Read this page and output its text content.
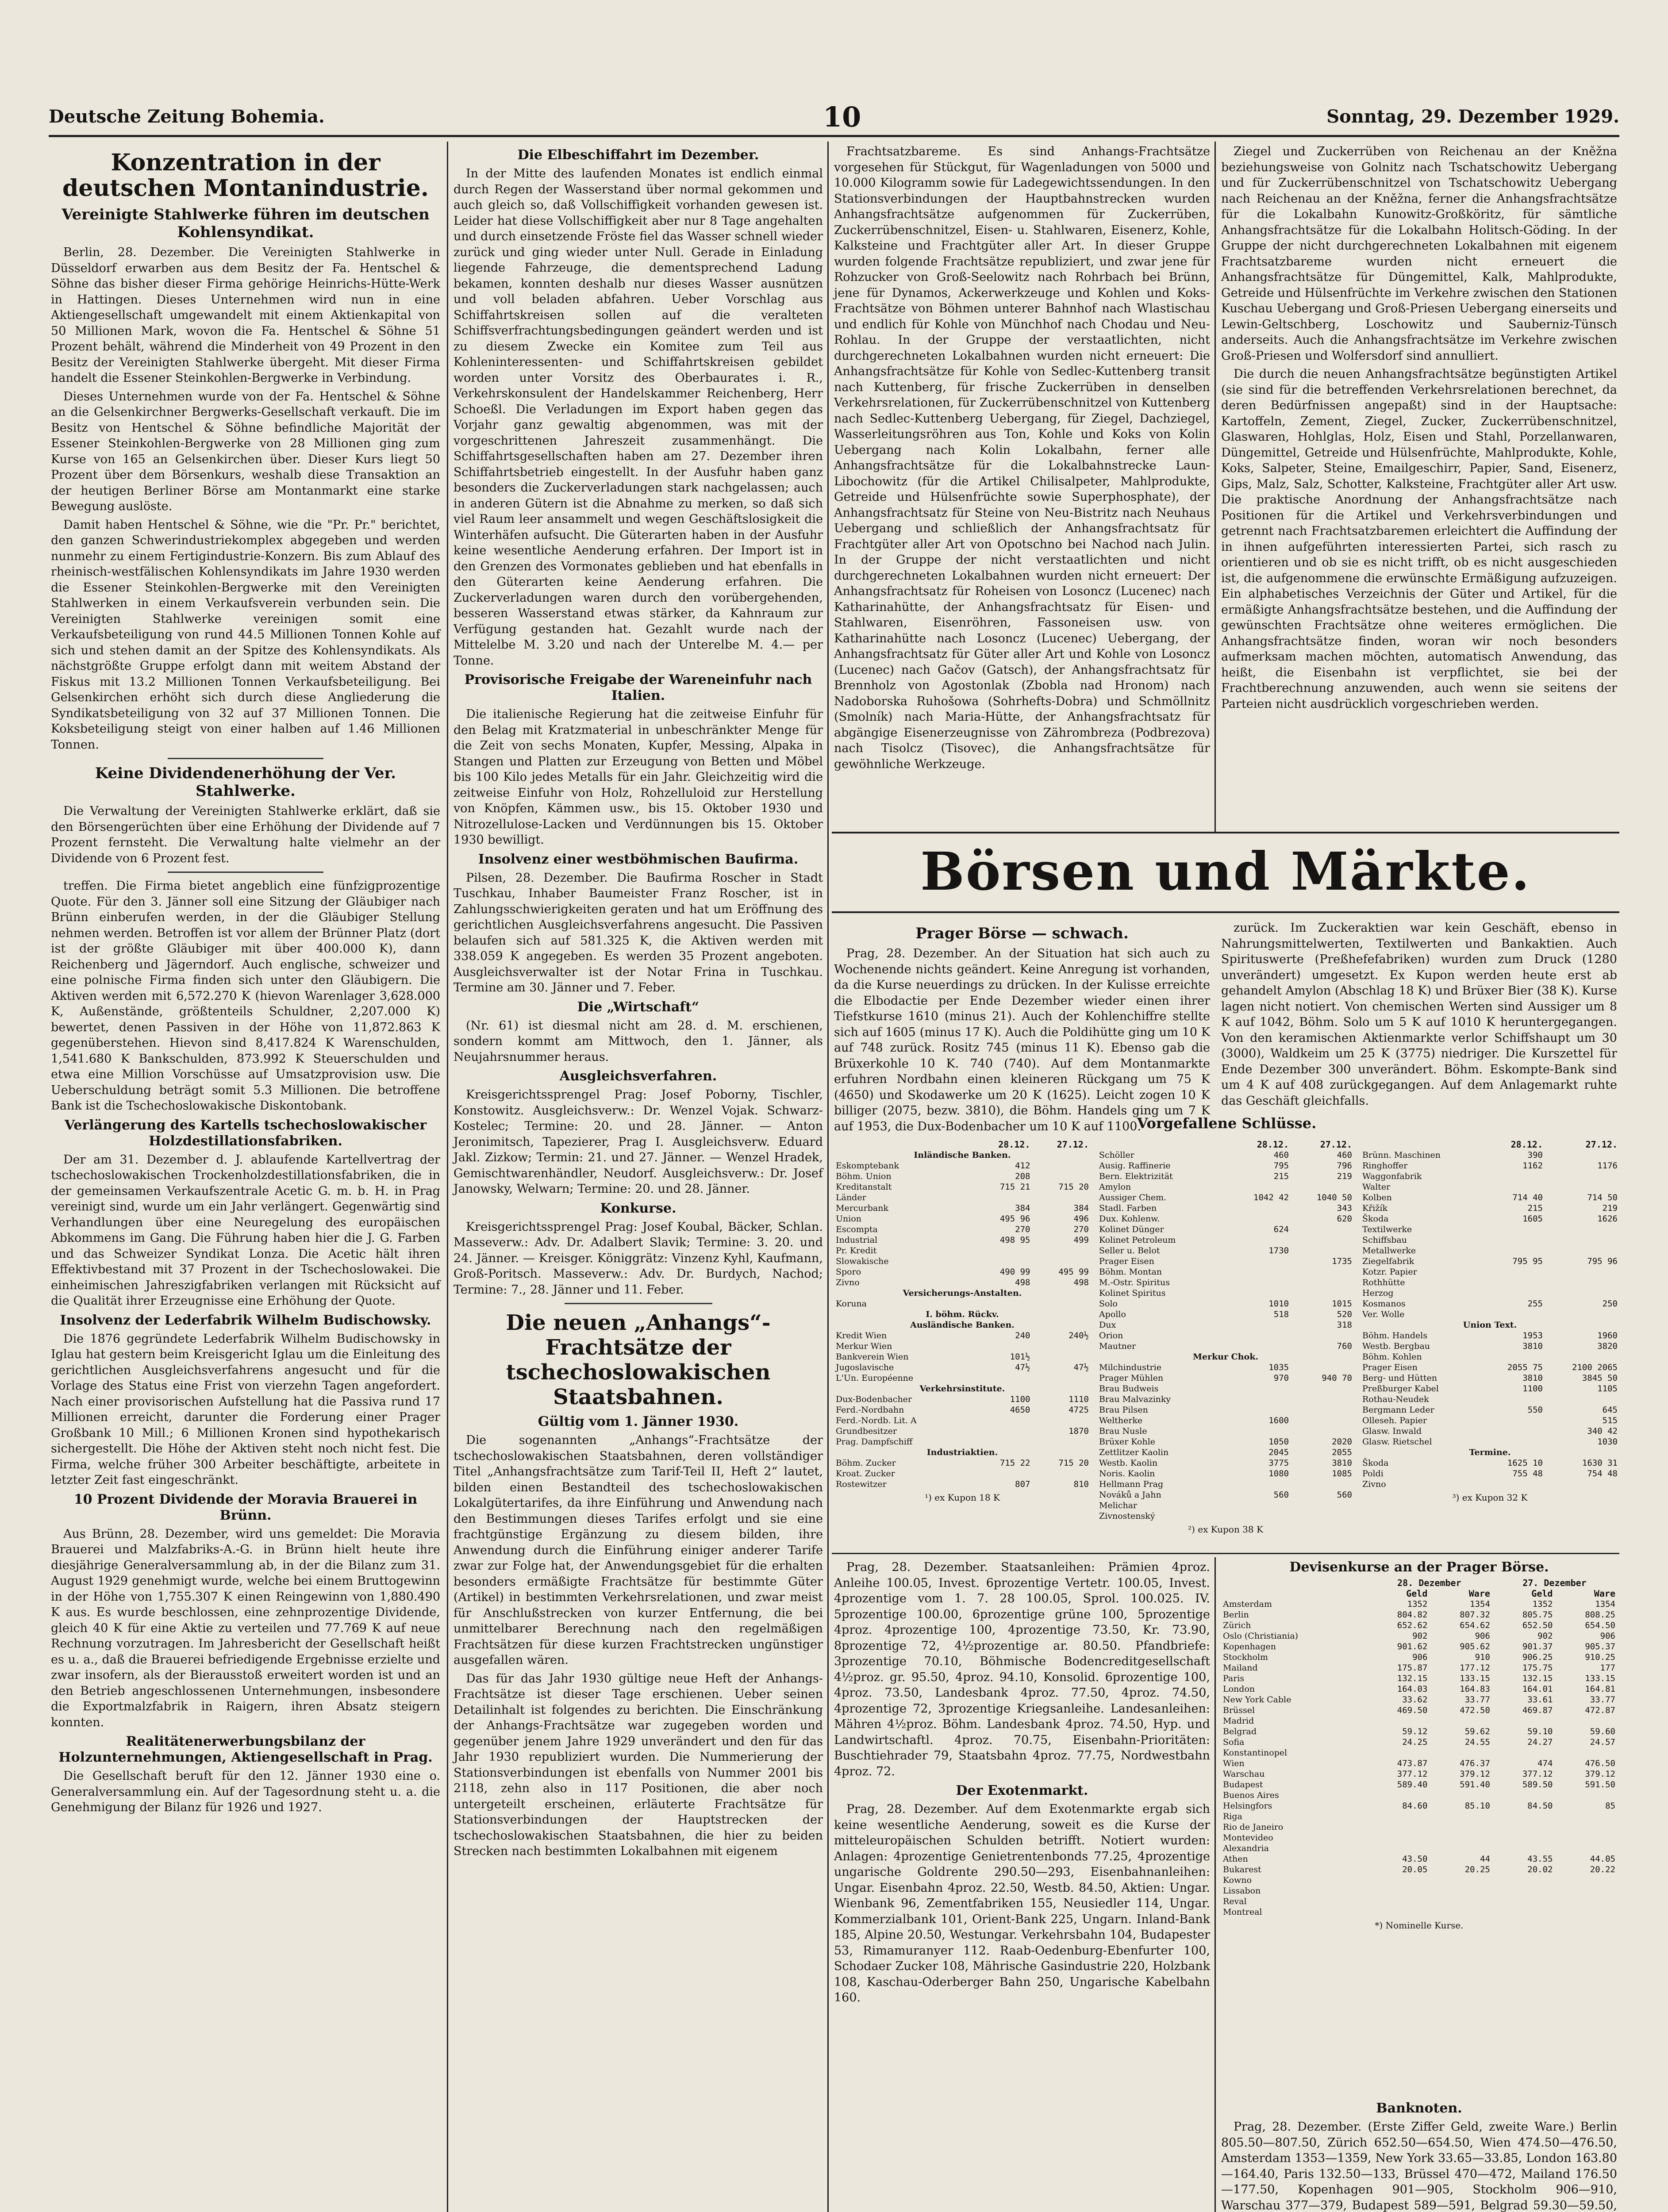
Deutsche Zeitung Bohemia.	10	Sonntag, 29. Dezember 1929.
Konzentration in der deutschen Montanindustrie.
Vereinigte Stahlwerke führen im deutschen Kohlensyndikat.

Berlin, 28. Dezember. Die Vereinigten Stahlwerke in Düsseldorf erwarben aus dem Besitz der Fa. Hentschel & Söhne das bisher dieser Firma gehörige Heinrichs-Hütte-Werk in Hattingen. Dieses Unternehmen wird nun in eine Aktiengesellschaft umgewandelt mit einem Aktienkapital von 50 Millionen Mark, wovon die Fa. Hentschel & Söhne 51 Prozent behält, während die Minderheit von 49 Prozent in den Besitz der Vereinigten Stahlwerke übergeht. Mit dieser Firma handelt die Essener Steinkohlen-Bergwerke in Verbindung.

Dieses Unternehmen wurde von der Fa. Hentschel & Söhne an die Gelsenkirchner Bergwerks-Gesellschaft verkauft. Die im Besitz von Hentschel & Söhne befindliche Majorität der Essener Steinkohlen-Bergwerke von 28 Millionen ging zum Kurse von 165 an Gelsenkirchen über. Dieser Kurs liegt 50 Prozent über dem Börsenkurs, weshalb diese Transaktion an der heutigen Berliner Börse am Montanmarkt eine starke Bewegung auslöste.

Damit haben Hentschel & Söhne, wie die "Pr. Pr." berichtet, den ganzen Schwerindustriekomplex abgegeben und werden nunmehr zu einem Fertigindustrie-Konzern. Bis zum Ablauf des rheinisch-westfälischen Kohlensyndikats im Jahre 1930 werden die Essener Steinkohlen-Bergwerke mit den Vereinigten Stahlwerken in einem Verkaufsverein verbunden sein. Die Vereinigten Stahlwerke vereinigen somit eine Verkaufsbeteiligung von rund 44.5 Millionen Tonnen Kohle auf sich und stehen damit an der Spitze des Kohlensyndikats. Als nächstgrößte Gruppe erfolgt dann mit weitem Abstand der Fiskus mit 13.2 Millionen Tonnen Verkaufsbeteiligung. Bei Gelsenkirchen erhöht sich durch diese Angliederung die Syndikatsbeteiligung von 32 auf 37 Millionen Tonnen. Die Koksbeteiligung steigt von einer halben auf 1.46 Millionen Tonnen.

Keine Dividendenerhöhung der Ver. Stahlwerke.

Die Verwaltung der Vereinigten Stahlwerke erklärt, daß sie den Börsengerüchten über eine Erhöhung der Dividende auf 7 Prozent fernsteht. Die Verwaltung halte vielmehr an der Dividende von 6 Prozent fest.

treffen. Die Firma bietet angeblich eine fünfzigprozentige Quote. Für den 3. Jänner soll eine Sitzung der Gläubiger nach Brünn einberufen werden, in der die Gläubiger Stellung nehmen werden. Betroffen ist vor allem der Brünner Platz (dort ist der größte Gläubiger mit über 400.000 K), dann Reichenberg und Jägerndorf. Auch englische, schweizer und eine polnische Firma finden sich unter den Gläubigern. Die Aktiven werden mit 6,572.270 K (hievon Warenlager 3,628.000 K, Außenstände, größtenteils Schuldner, 2,207.000 K) bewertet, denen Passiven in der Höhe von 11,872.863 K gegenüberstehen. Hievon sind 8,417.824 K Warenschulden, 1,541.680 K Bankschulden, 873.992 K Steuerschulden und etwa eine Million Vorschüsse auf Umsatzprovision usw. Die Ueberschuldung beträgt somit 5.3 Millionen. Die betroffene Bank ist die Tschechoslowakische Diskontobank.

Verlängerung des Kartells tschechoslowakischer Holzdestillationsfabriken.

Der am 31. Dezember d. J. ablaufende Kartellvertrag der tschechoslowakischen Trockenholzdestillationsfabriken, die in der gemeinsamen Verkaufszentrale Acetic G. m. b. H. in Prag vereinigt sind, wurde um ein Jahr verlängert. Gegenwärtig sind Verhandlungen über eine Neuregelung des europäischen Abkommens im Gang. Die Führung haben hier die J. G. Farben und das Schweizer Syndikat Lonza. Die Acetic hält ihren Effektivbestand mit 37 Prozent in der Tschechoslowakei. Die einheimischen Jahreszigfabriken verlangen mit Rücksicht auf die Qualität ihrer Erzeugnisse eine Erhöhung der Quote.

Insolvenz der Lederfabrik Wilhelm Budischowsky.

Die 1876 gegründete Lederfabrik Wilhelm Budischowsky in Iglau hat gestern beim Kreisgericht Iglau um die Einleitung des gerichtlichen Ausgleichsverfahrens angesucht und für die Vorlage des Status eine Frist von vierzehn Tagen angefordert. Nach einer provisorischen Aufstellung hat die Passiva rund 17 Millionen erreicht, darunter die Forderung einer Prager Großbank 10 Mill.; 6 Millionen Kronen sind hypothekarisch sichergestellt. Die Höhe der Aktiven steht noch nicht fest. Die Firma, welche früher 300 Arbeiter beschäftigte, arbeitete in letzter Zeit fast eingeschränkt.

10 Prozent Dividende der Moravia Brauerei in Brünn.

Aus Brünn, 28. Dezember, wird uns gemeldet: Die Moravia Brauerei und Malzfabriks-A.-G. in Brünn hielt heute ihre diesjährige Generalversammlung ab, in der die Bilanz zum 31. August 1929 genehmigt wurde, welche bei einem Bruttogewinn in der Höhe von 1,755.307 K einen Reingewinn von 1,880.490 K aus. Es wurde beschlossen, eine zehnprozentige Dividende, gleich 40 K für eine Aktie zu verteilen und 77.769 K auf neue Rechnung vorzutragen. Im Jahresbericht der Gesellschaft heißt es u. a., daß die Brauerei befriedigende Ergebnisse erzielte und zwar insofern, als der Bierausstoß erweitert worden ist und an den Betrieb angeschlossenen Unternehmungen, insbesondere die Exportmalzfabrik in Raigern, ihren Absatz steigern konnten.

Realitätenerwerbungsbilanz der Holzunternehmungen, Aktiengesellschaft in Prag.

Die Gesellschaft beruft für den 12. Jänner 1930 eine o. Generalversammlung ein. Auf der Tagesordnung steht u. a. die Genehmigung der Bilanz für 1926 und 1927.

Die Elbeschiffahrt im Dezember.

In der Mitte des laufenden Monates ist endlich einmal durch Regen der Wasserstand über normal gekommen und auch gleich so, daß Vollschiffigkeit vorhanden gewesen ist. Leider hat diese Vollschiffigkeit aber nur 8 Tage angehalten und durch einsetzende Fröste fiel das Wasser schnell wieder zurück und ging wieder unter Null. Gerade in Einladung liegende Fahrzeuge, die dementsprechend Ladung bekamen, konnten deshalb nur dieses Wasser ausnützen und voll beladen abfahren. Ueber Vorschlag aus Schiffahrtskreisen sollen auf die veralteten Schiffsverfrachtungsbedingungen geändert werden und ist zu diesem Zwecke ein Komitee zum Teil aus Kohleninteressenten- und Schiffahrtskreisen gebildet worden unter Vorsitz des Oberbaurates i. R., Verkehrskonsulent der Handelskammer Reichenberg, Herr Schoeßl. Die Verladungen im Export haben gegen das Vorjahr ganz gewaltig abgenommen, was mit der vorgeschrittenen Jahreszeit zusammenhängt. Die Schiffahrtsgesellschaften haben am 27. Dezember ihren Schiffahrtsbetrieb eingestellt. In der Ausfuhr haben ganz besonders die Zuckerverladungen stark nachgelassen; auch in anderen Gütern ist die Abnahme zu merken, so daß sich viel Raum leer ansammelt und wegen Geschäftslosigkeit die Winterhäfen aufsucht. Die Güterarten haben in der Ausfuhr keine wesentliche Aenderung erfahren. Der Import ist in den Grenzen des Vormonates geblieben und hat ebenfalls in den Güterarten keine Aenderung erfahren. Die Zuckerverladungen waren durch den vorübergehenden, besseren Wasserstand etwas stärker, da Kahnraum zur Verfügung gestanden hat. Gezahlt wurde nach der Mittelelbe M. 3.20 und nach der Unterelbe M. 4.— per Tonne.

Provisorische Freigabe der Wareneinfuhr nach Italien.

Die italienische Regierung hat die zeitweise Einfuhr für den Belag mit Kratzmaterial in unbeschränkter Menge für die Zeit von sechs Monaten, Kupfer, Messing, Alpaka in Stangen und Platten zur Erzeugung von Betten und Möbel bis 100 Kilo jedes Metalls für ein Jahr. Gleichzeitig wird die zeitweise Einfuhr von Holz, Rohzelluloid zur Herstellung von Knöpfen, Kämmen usw., bis 15. Oktober 1930 und Nitrozellulose-Lacken und Verdünnungen bis 15. Oktober 1930 bewilligt.

Insolvenz einer westböhmischen Baufirma.

Pilsen, 28. Dezember. Die Baufirma Roscher in Stadt Tuschkau, Inhaber Baumeister Franz Roscher, ist in Zahlungsschwierigkeiten geraten und hat um Eröffnung des gerichtlichen Ausgleichsverfahrens angesucht. Die Passiven belaufen sich auf 581.325 K, die Aktiven werden mit 338.059 K angegeben. Es werden 35 Prozent angeboten. Ausgleichsverwalter ist der Notar Frina in Tuschkau. Termine am 30. Jänner und 7. Feber.

Die „Wirtschaft“

(Nr. 61) ist diesmal nicht am 28. d. M. erschienen, sondern kommt am Mittwoch, den 1. Jänner, als Neujahrsnummer heraus.

Ausgleichsverfahren.

Kreisgerichtssprengel Prag: Josef Poborny, Tischler, Konstowitz. Ausgleichsverw.: Dr. Wenzel Vojak. Schwarz-Kostelec; Termine: 20. und 28. Jänner. — Anton Jeronimitsch, Tapezierer, Prag I. Ausgleichsverw. Eduard Jakl. Zizkow; Termin: 21. und 27. Jänner. — Wenzel Hradek, Gemischtwarenhändler, Neudorf. Ausgleichsverw.: Dr. Josef Janowsky, Welwarn; Termine: 20. und 28. Jänner.

Konkurse.

Kreisgerichtssprengel Prag: Josef Koubal, Bäcker, Schlan. Masseverw.: Adv. Dr. Adalbert Slavik; Termine: 3. 20. und 24. Jänner. — Kreisger. Königgrätz: Vinzenz Kyhl, Kaufmann, Groß-Poritsch. Masseverw.: Adv. Dr. Burdych, Nachod; Termine: 7., 28. Jänner und 11. Feber.

Die neuen „Anhangs“-Frachtsätze der tschechoslowakischen Staatsbahnen.
Gültig vom 1. Jänner 1930.

Die sogenannten „Anhangs“-Frachtsätze der tschechoslowakischen Staatsbahnen, deren vollständiger Titel „Anhangsfrachtsätze zum Tarif-Teil II, Heft 2“ lautet, bilden einen Bestandteil des tschechoslowakischen Lokalgütertarifes, da ihre Einführung und Anwendung nach den Bestimmungen dieses Tarifes erfolgt und sie eine frachtgünstige Ergänzung zu diesem bilden, ihre Anwendung durch die Einführung einiger anderer Tarife zwar zur Folge hat, der Anwendungsgebiet für die erhalten besonders ermäßigte Frachtsätze für bestimmte Güter (Artikel) in bestimmten Verkehrsrelationen, und zwar meist für Anschlußstrecken von kurzer Entfernung, die bei unmittelbarer Berechnung nach den regelmäßigen Frachtsätzen für diese kurzen Frachtstrecken ungünstiger ausgefallen wären.

Das für das Jahr 1930 gültige neue Heft der Anhangs-Frachtsätze ist dieser Tage erschienen. Ueber seinen Detailinhalt ist folgendes zu berichten. Die Einschränkung der Anhangs-Frachtsätze war zugegeben worden und gegenüber jenem Jahre 1929 unverändert und den für das Jahr 1930 republiziert wurden. Die Nummerierung der Stationsverbindungen ist ebenfalls von Nummer 2001 bis 2118, zehn also in 117 Positionen, die aber noch untergeteilt erscheinen, erläuterte Frachtsätze für Stationsverbindungen der Hauptstrecken der tschechoslowakischen Staatsbahnen, die hier zu beiden Strecken nach bestimmten Lokalbahnen mit eigenem

Frachtsatzbareme. Es sind Anhangs-Frachtsätze vorgesehen für Stückgut, für Wagenladungen von 5000 und 10.000 Kilogramm sowie für Ladegewichtssendungen. In den Stationsverbindungen der Hauptbahnstrecken wurden Anhangsfrachtsätze aufgenommen für Zuckerrüben, Zuckerrübenschnitzel, Eisen- u. Stahlwaren, Eisenerz, Kohle, Kalksteine und Frachtgüter aller Art. In dieser Gruppe wurden folgende Frachtsätze republiziert, und zwar jene für Rohzucker von Groß-Seelowitz nach Rohrbach bei Brünn, jene für Dynamos, Ackerwerkzeuge und Kohlen und Koks-Frachtsätze von Böhmen unterer Bahnhof nach Wlastischau und endlich für Kohle von Münchhof nach Chodau und Neu-Rohlau. In der Gruppe der verstaatlichten, nicht durchgerechneten Lokalbahnen wurden nicht erneuert: Die Anhangsfrachtsätze für Kohle von Sedlec-Kuttenberg transit nach Kuttenberg, für frische Zuckerrüben in denselben Verkehrsrelationen, für Zuckerrübenschnitzel von Kuttenberg nach Sedlec-Kuttenberg Uebergang, für Ziegel, Dachziegel, Wasserleitungsröhren aus Ton, Kohle und Koks von Kolin Uebergang nach Kolin Lokalbahn, ferner alle Anhangsfrachtsätze für die Lokalbahnstrecke Laun-Libochowitz (für die Artikel Chilisalpeter, Mahlprodukte, Getreide und Hülsenfrüchte sowie Superphosphate), der Anhangsfrachtsatz für Steine von Neu-Bistritz nach Neuhaus Uebergang und schließlich der Anhangsfrachtsatz für Frachtgüter aller Art von Opotschno bei Nachod nach Julin. In der Gruppe der nicht verstaatlichten und nicht durchgerechneten Lokalbahnen wurden nicht erneuert: Der Anhangsfrachtsatz für Roheisen von Losoncz (Lucenec) nach Katharinahütte, der Anhangsfrachtsatz für Eisen- und Stahlwaren, Eisenröhren, Fassoneisen usw. von Katharinahütte nach Losoncz (Lucenec) Uebergang, der Anhangsfrachtsatz für Güter aller Art und Kohle von Losoncz (Lucenec) nach Gačov (Gatsch), der Anhangsfrachtsatz für Brennholz von Agostonlak (Zbobla nad Hronom) nach Nadoborska Ruhošowa (Sohrhefts-Dobra) und Schmöllnitz (Smolník) nach Maria-Hütte, der Anhangsfrachtsatz für abgängige Eisenerzeugnisse von Zährombreza (Podbrezova) nach Tisolcz (Tisovec), die Anhangsfrachtsätze für gewöhnliche Werkzeuge.

Ziegel und Zuckerrüben von Reichenau an der Kněžna beziehungsweise von Golnitz nach Tschatschowitz Uebergang und für Zuckerrübenschnitzel von Tschatschowitz Uebergang nach Reichenau an der Kněžna, ferner die Anhangsfrachtsätze für die Lokalbahn Kunowitz-Großköritz, für sämtliche Anhangsfrachtsätze für die Lokalbahn Holitsch-Göding. In der Gruppe der nicht durchgerechneten Lokalbahnen mit eigenem Frachtsatzbareme wurden nicht erneuert die Anhangsfrachtsätze für Düngemittel, Kalk, Mahlprodukte, Getreide und Hülsenfrüchte im Verkehre zwischen den Stationen Kuschau Uebergang und Groß-Priesen Uebergang einerseits und Lewin-Geltschberg, Loschowitz und Sauberniz-Tünsch anderseits. Auch die Anhangsfrachtsätze im Verkehre zwischen Groß-Priesen und Wolfersdorf sind annulliert.

Die durch die neuen Anhangsfrachtsätze begünstigten Artikel (sie sind für die betreffenden Verkehrsrelationen berechnet, da deren Bedürfnissen angepaßt) sind in der Hauptsache: Kartoffeln, Zement, Ziegel, Zucker, Zuckerrübenschnitzel, Glaswaren, Hohlglas, Holz, Eisen und Stahl, Porzellanwaren, Düngemittel, Getreide und Hülsenfrüchte, Mahlprodukte, Kohle, Koks, Salpeter, Steine, Emailgeschirr, Papier, Sand, Eisenerz, Gips, Malz, Salz, Schotter, Kalksteine, Frachtgüter aller Art usw. Die praktische Anordnung der Anhangsfrachtsätze nach Positionen für die Artikel und Verkehrsverbindungen und getrennt nach Frachtsatzbaremen erleichtert die Auffindung der in ihnen aufgeführten interessierten Partei, sich rasch zu orientieren und ob sie es nicht trifft, ob es nicht ausgeschieden ist, die aufgenommene die erwünschte Ermäßigung aufzuzeigen. Ein alphabetisches Verzeichnis der Güter und Artikel, für die ermäßigte Anhangsfrachtsätze bestehen, und die Auffindung der gewünschten Frachtsätze ohne weiteres ermöglichen. Die Anhangsfrachtsätze finden, woran wir noch besonders aufmerksam machen möchten, automatisch Anwendung, das heißt, die Eisenbahn ist verpflichtet, sie bei der Frachtberechnung anzuwenden, auch wenn sie seitens der Parteien nicht ausdrücklich vorgeschrieben werden.

Börsen und Märkte.
Prager Börse — schwach.

Prag, 28. Dezember. An der Situation hat sich auch zu Wochenende nichts geändert. Keine Anregung ist vorhanden, da die Kurse neuerdings zu drücken. In der Kulisse erreichte die Elbodactie per Ende Dezember wieder einen ihrer Tiefstkurse 1610 (minus 21). Auch der Kohlenchiffre stellte sich auf 1605 (minus 17 K). Auch die Poldihütte ging um 10 K auf 748 zurück. Rositz 745 (minus 11 K). Ebenso gab die Brüxerkohle 10 K. 740 (740). Auf dem Montanmarkte erfuhren Nordbahn einen kleineren Rückgang um 75 K (4650) und Skodawerke um 20 K (1625). Leicht zogen 10 K billiger (2075, bezw. 3810), die Böhm. Handels ging um 7 K auf 1953, die Dux-Bodenbacher um 10 K auf 1100.

zurück. Im Zuckeraktien war kein Geschäft, ebenso in Nahrungsmittelwerten, Textilwerten und Bankaktien. Auch Spirituswerte (Preßhefefabriken) wurden zum Druck (1280 unverändert) umgesetzt. Ex Kupon werden heute erst ab gehandelt Amylon (Abschlag 18 K) und Brüxer Bier (38 K). Kurse lagen nicht notiert. Von chemischen Werten sind Aussiger um 8 K auf 1042, Böhm. Solo um 5 K auf 1010 K heruntergegangen. Von den keramischen Aktienmarkte verlor Schiffshaupt um 30 (3000), Waldkeim um 25 K (3775) niedriger. Die Kurszettel für Ende Dezember 300 unverändert. Böhm. Eskompte-Bank sind um 4 K auf 408 zurückgegangen. Auf dem Anlagemarkt ruhte das Geschäft gleichfalls.

Vorgefallene Schlüsse.
	28.12.	27.12.
Inländische Banken.		
Eskomptebank	412	
Böhm. Union	208	
Kreditanstalt	715 21	715 20
Länder		
Mercurbank	384	384
Union	495 96	496
Escompta	270	270
Industrial	498 95	499
Pr. Kredit		
Slowakische		
Sporo	490 99	495 99
Zivno	498	498
Versicherungs-Anstalten.		
Koruna		
I. böhm. Rückv.		
Ausländische Banken.		
Kredit Wien	240	240½
Merkur Wien		
Bankverein Wien	101½	
Jugoslavische	47½	47½
L'Un. Européenne		
Verkehrsinstitute.		
Dux-Bodenbacher	1100	1110
Ferd.-Nordbahn	4650	4725
Ferd.-Nordb. Lit. A		
Grundbesitzer		1870
Prag. Dampfschiff		
Industriaktien.		
Böhm. Zucker	715 22	715 20
Kroat. Zucker		
Rostewitzer	807	810
¹) ex Kupon 18 K
	28.12.	27.12.
Schöller	460	460
Ausig. Raffinerie	795	796
Bern. Elektrizität	215	219
Amylon		
Aussiger Chem.	1042 42	1040 50
Stadl. Farben		343
Dux. Kohlenw.		620
Kolinet Dünger	624	
Kolinet Petroleum		
Seller u. Belot	1730	
Prager Eisen		1735
Böhm. Montan		
M.-Ostr. Spiritus		
Kolinet Spiritus		
Solo	1010	1015
Apollo	518	520
Dux		318
Orion		
Mautner		760
Merkur Chok.		
Milchindustrie	1035	
Prager Mühlen	970	940 70
Brau Budweis		
Brau Malvazinky		
Brau Pilsen		
Weltherke	1600	
Brau Nusle		
Brüxer Kohle	1050	2020
Zettlitzer Kaolin	2045	2055
Westb. Kaolin	3775	3810
Noris. Kaolin	1080	1085
Hellmann Prag		
Nováků a Jahn	560	560
Melichar		
Zivnostenský		
²) ex Kupon 38 K
	28.12.	27.12.
Brünn. Maschinen	390	
Ringhoffer	1162	1176
Waggonfabrik		
Walter		
Kolben	714 40	714 50
Křižík	215	219
Škoda	1605	1626
Textilwerke		
Schiffsbau		
Metallwerke		
Ziegelfabrik	795 95	795 96
Kotzr. Papier		
Rothhütte		
Herzog		
Kosmanos	255	250
Ver. Wolle		
Union Text.		
Böhm. Handels	1953	1960
Westb. Bergbau	3810	3820
Böhm. Kohlen		
Prager Eisen	2055 75	2100 2065
Berg- und Hütten	3810	3845 50
Preßburger Kabel	1100	1105
Rothau-Neudek		
Bergmann Leder	550	645
Olleseh. Papier		515
Glasw. Inwald		340 42
Glasw. Rietschel		1030
Termine.		
Škoda	1625 10	1630 31
Poldi	755 48	754 48
Zivno		
³) ex Kupon 32 K

Prag, 28. Dezember. Staatsanleihen: Prämien 4proz. Anleihe 100.05, Invest. 6prozentige Vertetr. 100.05, Invest. 4prozentige vom 1. 7. 28 100.05, Sprol. 100.025. IV. 5prozentige 100.00, 6prozentige grüne 100, 5prozentige 4proz. 4prozentige 100, 4prozentige 73.50, Kr. 73.90, 8prozentige 72, 4½prozentige ar. 80.50. Pfandbriefe: 3prozentige 70.10, Böhmische Bodencreditgesellschaft 4½proz. gr. 95.50, 4proz. 94.10, Konsolid. 6prozentige 100, 4proz. 73.50, Landesbank 4proz. 77.50, 4proz. 74.50, 4prozentige 72, 3prozentige Kriegsanleihe. Landesanleihen: Mähren 4½proz. Böhm. Landesbank 4proz. 74.50, Hyp. und Landwirtschaftl. 4proz. 70.75, Eisenbahn-Prioritäten: Buschtiehrader 79, Staatsbahn 4proz. 77.75, Nordwestbahn 4proz. 72.

Der Exotenmarkt.

Prag, 28. Dezember. Auf dem Exotenmarkte ergab sich keine wesentliche Aenderung, soweit es die Kurse der mitteleuropäischen Schulden betrifft. Notiert wurden: Anlagen: 4prozentige Genietrentenbonds 77.25, 4prozentige ungarische Goldrente 290.50—293, Eisenbahnanleihen: Ungar. Eisenbahn 4proz. 22.50, Westb. 84.50, Aktien: Ungar. Wienbank 96, Zementfabriken 155, Neusiedler 114, Ungar. Kommerzialbank 101, Orient-Bank 225, Ungarn. Inland-Bank 185, Alpine 20.50, Westungar. Verkehrsbahn 104, Budapester 53, Rimamuranyer 112. Raab-Oedenburg-Ebenfurter 100, Schodaer Zucker 108, Mährische Gasindustrie 220, Holzbank 108, Kaschau-Oderberger Bahn 250, Ungarische Kabelbahn 160.

Devisenkurse an der Prager Börse.
	28. Dezember		27. Dezember	
	Geld	Ware	Geld	Ware
Amsterdam	1352	1354	1352	1354
Berlin	804.82	807.32	805.75	808.25
Zürich	652.62	654.62	652.50	654.50
Oslo (Christiania)	902	906	902	906
Kopenhagen	901.62	905.62	901.37	905.37
Stockholm	906	910	906.25	910.25
Mailand	175.87	177.12	175.75	177
Paris	132.15	133.15	132.15	133.15
London	164.03	164.83	164.01	164.81
New York Cable	33.62	33.77	33.61	33.77
Brüssel	469.50	472.50	469.87	472.87
Madrid				
Belgrad	59.12	59.62	59.10	59.60
Sofia	24.25	24.55	24.27	24.57
Konstantinopel				
Wien	473.87	476.37	474	476.50
Warschau	377.12	379.12	377.12	379.12
Budapest	589.40	591.40	589.50	591.50
Buenos Aires				
Helsingfors	84.60	85.10	84.50	85
Riga				
Rio de Janeiro				
Montevideo				
Alexandria				
Athen	43.50	44	43.55	44.05
Bukarest	20.05	20.25	20.02	20.22
Kowno				
Lissabon				
Reval				
Montreal				
*) Nominelle Kurse.
Banknoten.

Prag, 28. Dezember. (Erste Ziffer Geld, zweite Ware.) Berlin 805.50—807.50, Zürich 652.50—654.50, Wien 474.50—476.50, Amsterdam 1353—1359, New York 33.65—33.85, London 163.80—164.40, Paris 132.50—133, Brüssel 470—472, Mailand 176.50—177.50, Kopenhagen 901—905, Stockholm 906—910, Warschau 377—379, Budapest 589—591, Belgrad 59.30—59.50,
